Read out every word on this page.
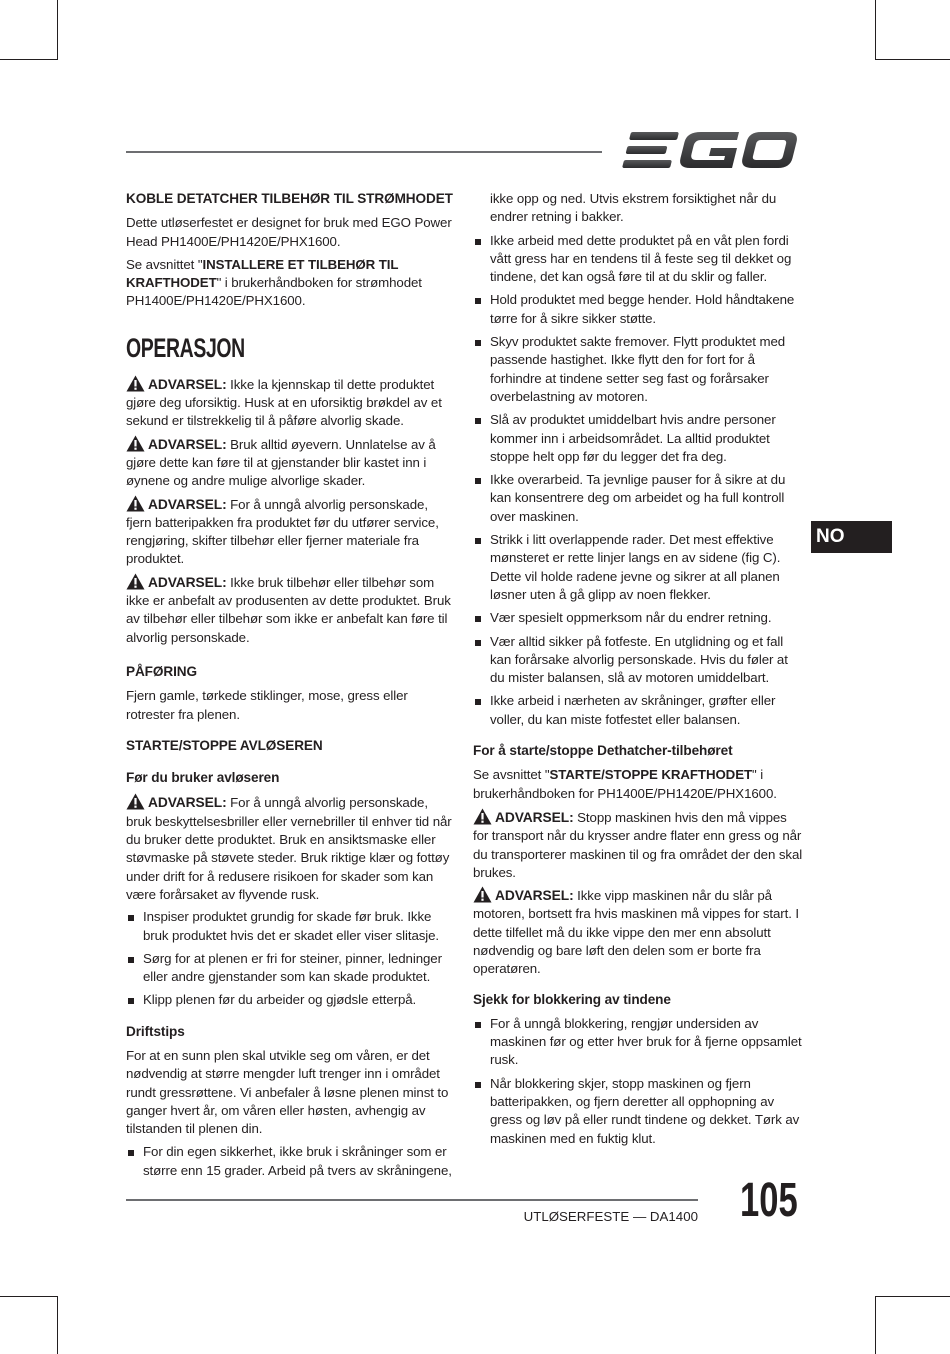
KOBLE DETATCHER TILBEHØR TIL STRØMHODET
Dette utløserfestet er designet for bruk med EGO Power Head PH1400E/PH1420E/PHX1600.
Se avsnittet "INSTALLERE ET TILBEHØR TIL KRAFTHODET" i brukerhåndboken for strømhodet PH1400E/PH1420E/PHX1600.
OPERASJON
ADVARSEL: Ikke la kjennskap til dette produktet gjøre deg uforsiktig. Husk at en uforsiktig brøkdel av et sekund er tilstrekkelig til å påføre alvorlig skade.
ADVARSEL: Bruk alltid øyevern. Unnlatelse av å gjøre dette kan føre til at gjenstander blir kastet inn i øynene og andre mulige alvorlige skader.
ADVARSEL: For å unngå alvorlig personskade, fjern batteripakken fra produktet før du utfører service, rengjøring, skifter tilbehør eller fjerner materiale fra produktet.
ADVARSEL: Ikke bruk tilbehør eller tilbehør som ikke er anbefalt av produsenten av dette produktet. Bruk av tilbehør eller tilbehør som ikke er anbefalt kan føre til alvorlig personskade.
PÅFØRING
Fjern gamle, tørkede stiklinger, mose, gress eller rotrester fra plenen.
STARTE/STOPPE AVLØSEREN
Før du bruker avløseren
ADVARSEL: For å unngå alvorlig personskade, bruk beskyttelsesbriller eller vernebriller til enhver tid når du bruker dette produktet. Bruk en ansiktsmaske eller støvmaske på støvete steder. Bruk riktige klær og fottøy under drift for å redusere risikoen for skader som kan være forårsaket av flyvende rusk.
Inspiser produktet grundig for skade før bruk. Ikke bruk produktet hvis det er skadet eller viser slitasje.
Sørg for at plenen er fri for steiner, pinner, ledninger eller andre gjenstander som kan skade produktet.
Klipp plenen før du arbeider og gjødsle etterpå.
Driftstips
For at en sunn plen skal utvikle seg om våren, er det nødvendig at større mengder luft trenger inn i området rundt gressrøttene. Vi anbefaler å løsne plenen minst to ganger hvert år, om våren eller høsten, avhengig av tilstanden til plenen din.
For din egen sikkerhet, ikke bruk i skråninger som er større enn 15 grader. Arbeid på tvers av skråningene,
ikke opp og ned. Utvis ekstrem forsiktighet når du endrer retning i bakker.
Ikke arbeid med dette produktet på en våt plen fordi vått gress har en tendens til å feste seg til dekket og tindene, det kan også føre til at du sklir og faller.
Hold produktet med begge hender. Hold håndtakene tørre for å sikre sikker støtte.
Skyv produktet sakte fremover. Flytt produktet med passende hastighet. Ikke flytt den for fort for å forhindre at tindene setter seg fast og forårsaker overbelastning av motoren.
Slå av produktet umiddelbart hvis andre personer kommer inn i arbeidsområdet. La alltid produktet stoppe helt opp før du legger det fra deg.
Ikke overarbeid. Ta jevnlige pauser for å sikre at du kan konsentrere deg om arbeidet og ha full kontroll over maskinen.
Strikk i litt overlappende rader. Det mest effektive mønsteret er rette linjer langs en av sidene (fig C). Dette vil holde radene jevne og sikrer at all planen løsner uten å gå glipp av noen flekker.
Vær spesielt oppmerksom når du endrer retning.
Vær alltid sikker på fotfeste. En utglidning og et fall kan forårsake alvorlig personskade. Hvis du føler at du mister balansen, slå av motoren umiddelbart.
Ikke arbeid i nærheten av skråninger, grøfter eller voller, du kan miste fotfestet eller balansen.
For å starte/stoppe Dethatcher-tilbehøret
Se avsnittet "STARTE/STOPPE KRAFTHODET" i brukerhåndboken for PH1400E/PH1420E/PHX1600.
ADVARSEL: Stopp maskinen hvis den må vippes for transport når du krysser andre flater enn gress og når du transporterer maskinen til og fra området der den skal brukes.
ADVARSEL: Ikke vipp maskinen når du slår på motoren, bortsett fra hvis maskinen må vippes for start. I dette tilfellet må du ikke vippe den mer enn absolutt nødvendig og bare løft den delen som er borte fra operatøren.
Sjekk for blokkering av tindene
For å unngå blokkering, rengjør undersiden av maskinen før og etter hver bruk for å fjerne oppsamlet rusk.
Når blokkering skjer, stopp maskinen og fjern batteripakken, og fjern deretter all opphopning av gress og løv på eller rundt tindene og dekket. Tørk av maskinen med en fuktig klut.
NO
UTLØSERFESTE — DA1400 105
